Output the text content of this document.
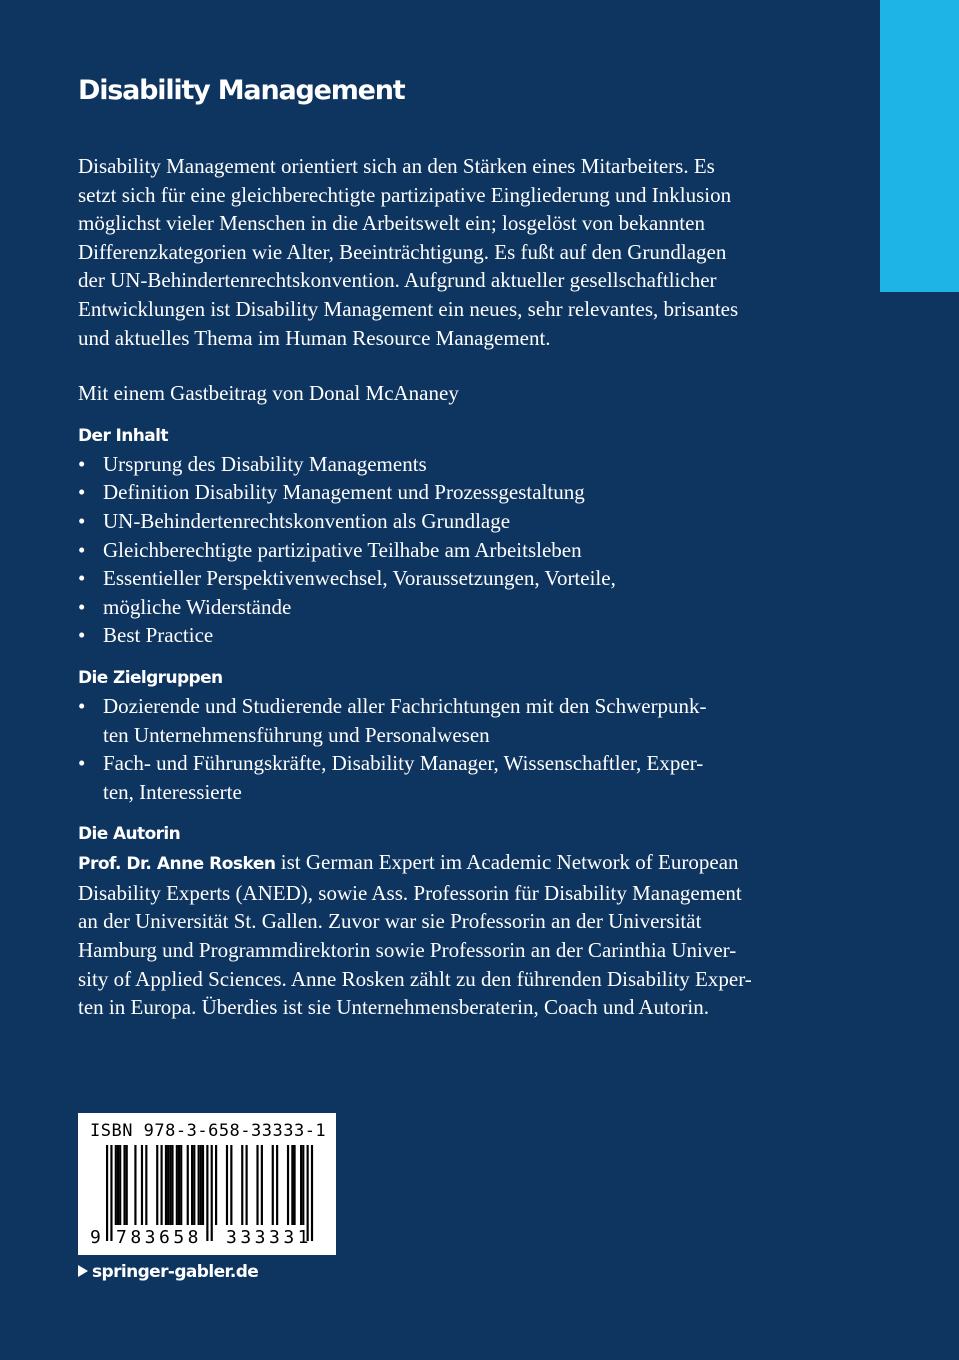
Disability Management
Disability Management orientiert sich an den Stärken eines Mitarbeiters. Es
setzt sich für eine gleichberechtigte partizipative Eingliederung und Inklusion
möglichst vieler Menschen in die Arbeitswelt ein; losgelöst von bekannten
Differenzkategorien wie Alter, Beeinträchtigung. Es fußt auf den Grundlagen
der UN-Behindertenrechtskonvention. Aufgrund aktueller gesellschaftlicher
Entwicklungen ist Disability Management ein neues, sehr relevantes, brisantes
und aktuelles Thema im Human Resource Management.
Mit einem Gastbeitrag von Donal McAnaney
Der Inhalt
• Ursprung des Disability Managements
• Definition Disability Management und Prozessgestaltung
• UN-Behindertenrechtskonvention als Grundlage
• Gleichberechtigte partizipative Teilhabe am Arbeitsleben
• Essentieller Perspektivenwechsel, Voraussetzungen, Vorteile,
• mögliche Widerstände
• Best Practice
Die Zielgruppen
• Dozierende und Studierende aller Fachrichtungen mit den Schwerpunk-
ten Unternehmensführung und Personalwesen
• Fach- und Führungskräfte, Disability Manager, Wissenschaftler, Exper-
ten, Interessierte
Die Autorin
Prof. Dr. Anne Rosken ist German Expert im Academic Network of European
Disability Experts (ANED), sowie Ass. Professorin für Disability Management
an der Universität St. Gallen. Zuvor war sie Professorin an der Universität
Hamburg und Programmdirektorin sowie Professorin an der Carinthia Univer-
sity of Applied Sciences. Anne Rosken zählt zu den führenden Disability Exper-
ten in Europa. Überdies ist sie Unternehmensberaterin, Coach und Autorin.
ISBN 978-3-658-33333-1
9 783658 333331
springer-gabler.de
